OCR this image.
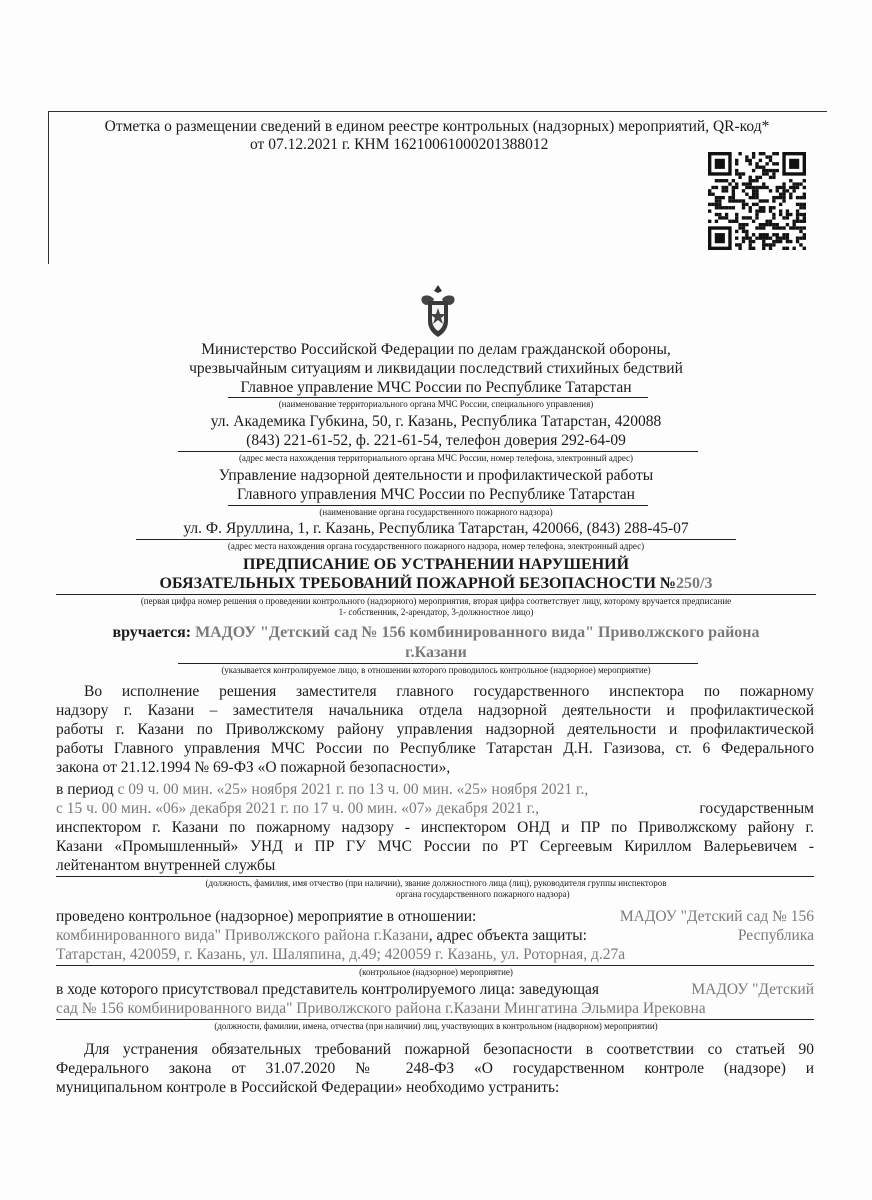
Отметка о размещении сведений в едином реестре контрольных (надзорных) мероприятий, QR-код*
от 07.12.2021 г. КНМ 16210061000201388012
Министерство Российской Федерации по делам гражданской обороны,
чрезвычайным ситуациям и ликвидации последствий стихийных бедствий
Главное управление МЧС России по Республике Татарстан
(наименование территориального органа МЧС России, специального управления)
ул. Академика Губкина, 50, г. Казань, Республика Татарстан, 420088
(843) 221-61-52, ф. 221-61-54, телефон доверия 292-64-09
(адрес места нахождения территориального органа МЧС России, номер телефона, электронный адрес)
Управление надзорной деятельности и профилактической работы
Главного управления МЧС России по Республике Татарстан
(наименование органа государственного пожарного надзора)
ул. Ф. Яруллина, 1, г. Казань, Республика Татарстан, 420066, (843) 288-45-07
(адрес места нахождения органа государственного пожарного надзора, номер телефона, электронный адрес)
ПРЕДПИСАНИЕ ОБ УСТРАНЕНИИ НАРУШЕНИЙ
ОБЯЗАТЕЛЬНЫХ ТРЕБОВАНИЙ ПОЖАРНОЙ БЕЗОПАСНОСТИ №250/3
(первая цифра номер решения о проведении контрольного (надзорного) мероприятия, вторая цифра соответствует лицу, которому вручается предписание
1- собственник, 2-арендатор, 3-должностное лицо)
вручается: МАДОУ "Детский сад № 156 комбинированного вида" Приволжского района
г.Казани
(указывается контролируемое лицо, в отношении которого проводилось контрольное (надзорное) мероприятие)
Во исполнение решения заместителя главного государственного инспектора по пожарному
надзору г. Казани – заместителя начальника отдела надзорной деятельности и профилактической
работы г. Казани по Приволжскому району управления надзорной деятельности и профилактической
работы Главного управления МЧС России по Республике Татарстан Д.Н. Газизова, ст. 6 Федерального
закона от 21.12.1994 № 69-ФЗ «О пожарной безопасности»,
в период с 09 ч. 00 мин. «25» ноября 2021 г. по 13 ч. 00 мин. «25» ноября 2021 г.,
с 15 ч. 00 мин. «06» декабря 2021 г. по 17 ч. 00 мин. «07» декабря 2021 г.,	государственным
инспектором г. Казани по пожарному надзору - инспектором ОНД и ПР по Приволжскому району г.
Казани «Промышленный» УНД и ПР ГУ МЧС России по РТ Сергеевым Кириллом Валерьевичем -
лейтенантом внутренней службы
(должность, фамилия, имя отчество (при наличии), звание должностного лица (лиц), руководителя группы инспекторов
органа государственного пожарного надзора)
проведено контрольное (надзорное) мероприятие в отношении:	МАДОУ "Детский сад № 156
комбинированного вида" Приволжского района г.Казани, адрес объекта защиты:	Республика
Татарстан, 420059, г. Казань, ул. Шаляпина, д.49; 420059 г. Казань, ул. Роторная, д.27а
(контрольное (надзорное) мероприятие)
в ходе которого присутствовал представитель контролируемого лица: заведующая	МАДОУ "Детский
сад № 156 комбинированного вида" Приволжского района г.Казани Мингатина Эльмира Ирековна
(должности, фамилии, имена, отчества (при наличии) лиц, участвующих в контрольном (надворном) мероприятии)
Для устранения обязательных требований пожарной безопасности в соответствии со статьей 90
Федерального закона от 31.07.2020 № 248-ФЗ «О государственном контроле (надзоре) и
муниципальном контроле в Российской Федерации» необходимо устранить:
